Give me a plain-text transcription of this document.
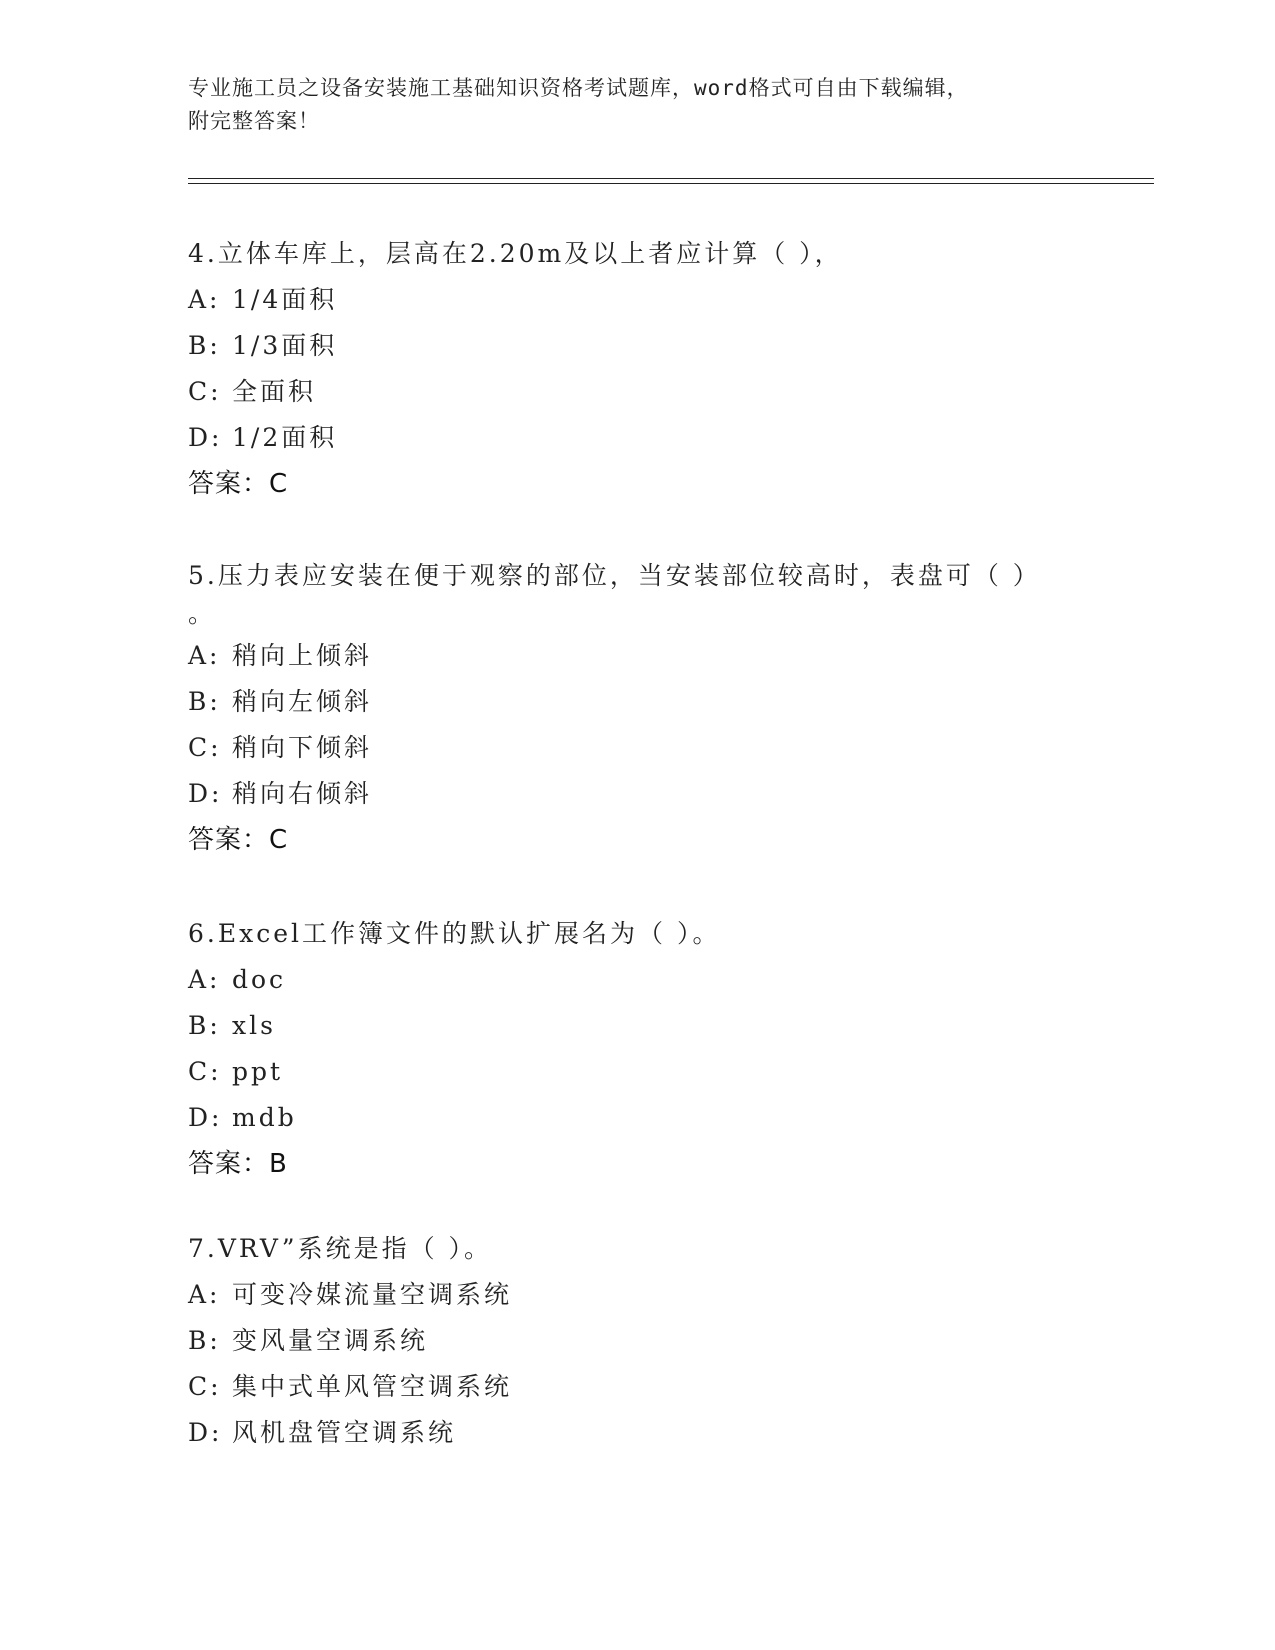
专业施工员之设备安装施工基础知识资格考试题库，word格式可自由下载编辑，
附完整答案！
4.立体车库上，层高在2.20m及以上者应计算（ ），
A: 1/4面积
B: 1/3面积
C: 全面积
D: 1/2面积
答案：C
5.压力表应安装在便于观察的部位，当安装部位较高时，表盘可（ ）
。
A: 稍向上倾斜
B: 稍向左倾斜
C: 稍向下倾斜
D: 稍向右倾斜
答案：C
6.Excel工作簿文件的默认扩展名为（ ）。
A: doc
B: xls
C: ppt
D: mdb
答案：B
7.VRV”系统是指（ ）。
A: 可变冷媒流量空调系统
B: 变风量空调系统
C: 集中式单风管空调系统
D: 风机盘管空调系统
